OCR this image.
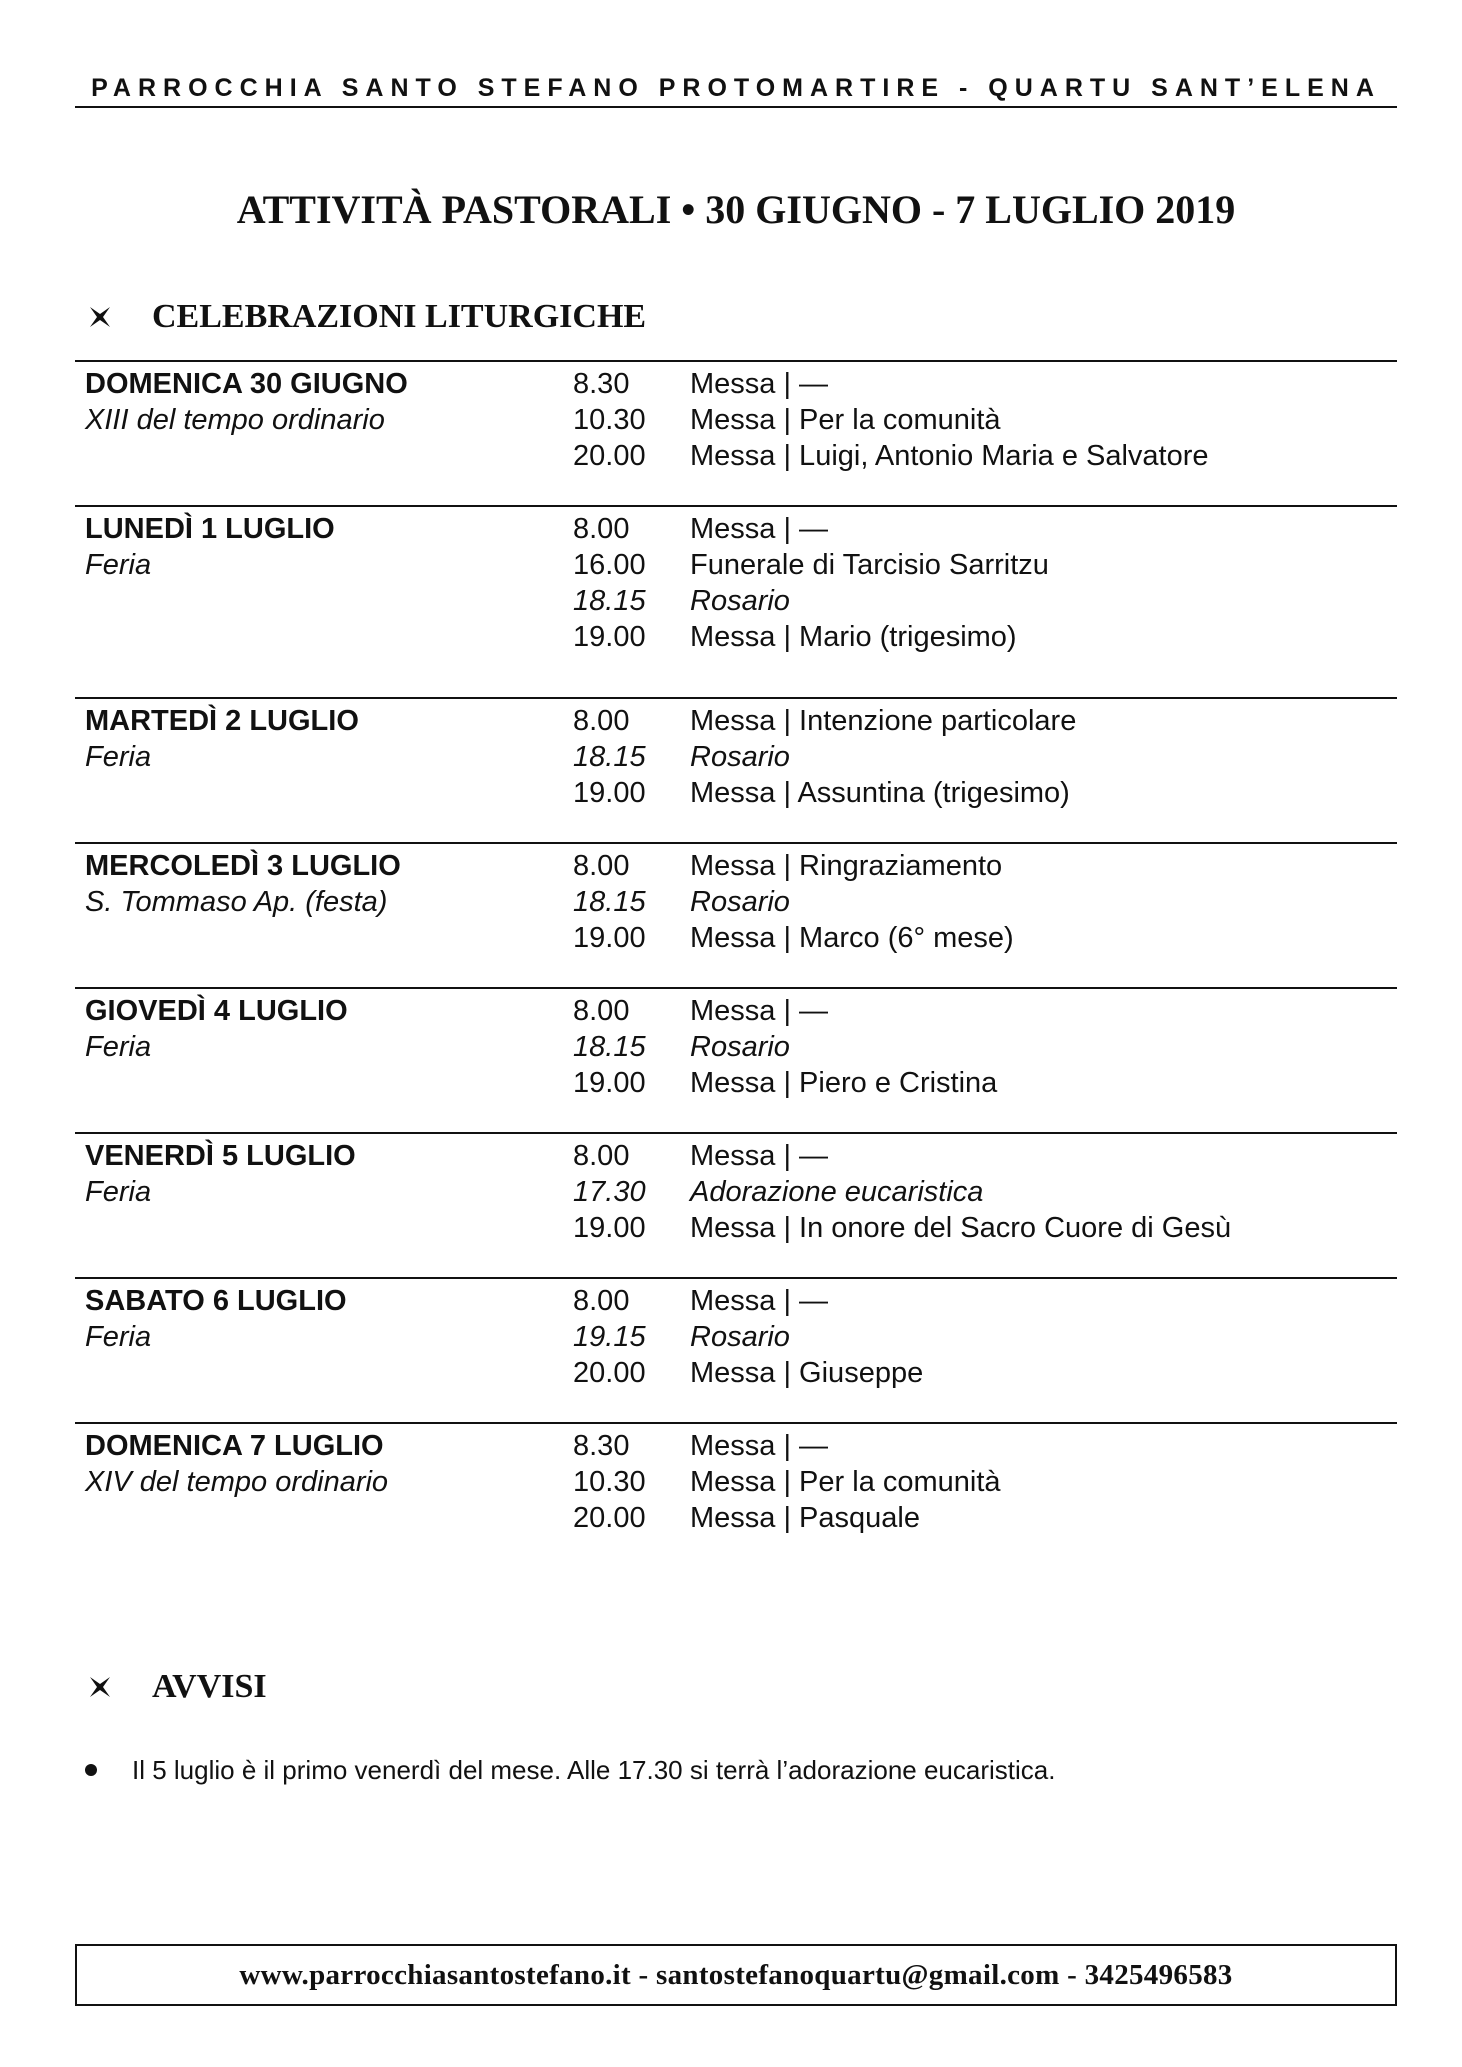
PARROCCHIA SANTO STEFANO PROTOMARTIRE - QUARTU SANT’ELENA
ATTIVITÀ PASTORALI • 30 GIUGNO - 7 LUGLIO 2019
CELEBRAZIONI LITURGICHE
DOMENICA 30 GIUGNO
XIII del tempo ordinario
8.30 Messa | —
10.30 Messa | Per la comunità
20.00 Messa | Luigi, Antonio Maria e Salvatore
LUNEDÌ 1 LUGLIO
Feria
8.00 Messa | —
16.00 Funerale di Tarcisio Sarritzu
18.15 Rosario
19.00 Messa | Mario (trigesimo)
MARTEDÌ 2 LUGLIO
Feria
8.00 Messa | Intenzione particolare
18.15 Rosario
19.00 Messa | Assuntina (trigesimo)
MERCOLEDÌ 3 LUGLIO
S. Tommaso Ap. (festa)
8.00 Messa | Ringraziamento
18.15 Rosario
19.00 Messa | Marco (6° mese)
GIOVEDÌ 4 LUGLIO
Feria
8.00 Messa | —
18.15 Rosario
19.00 Messa | Piero e Cristina
VENERDÌ 5 LUGLIO
Feria
8.00 Messa | —
17.30 Adorazione eucaristica
19.00 Messa | In onore del Sacro Cuore di Gesù
SABATO 6 LUGLIO
Feria
8.00 Messa | —
19.15 Rosario
20.00 Messa | Giuseppe
DOMENICA 7 LUGLIO
XIV del tempo ordinario
8.30 Messa | —
10.30 Messa | Per la comunità
20.00 Messa | Pasquale
AVVISI
Il 5 luglio è il primo venerdì del mese. Alle 17.30 si terrà l’adorazione eucaristica.
www.parrocchiasantostefano.it - santostefanoquartu@gmail.com - 3425496583
